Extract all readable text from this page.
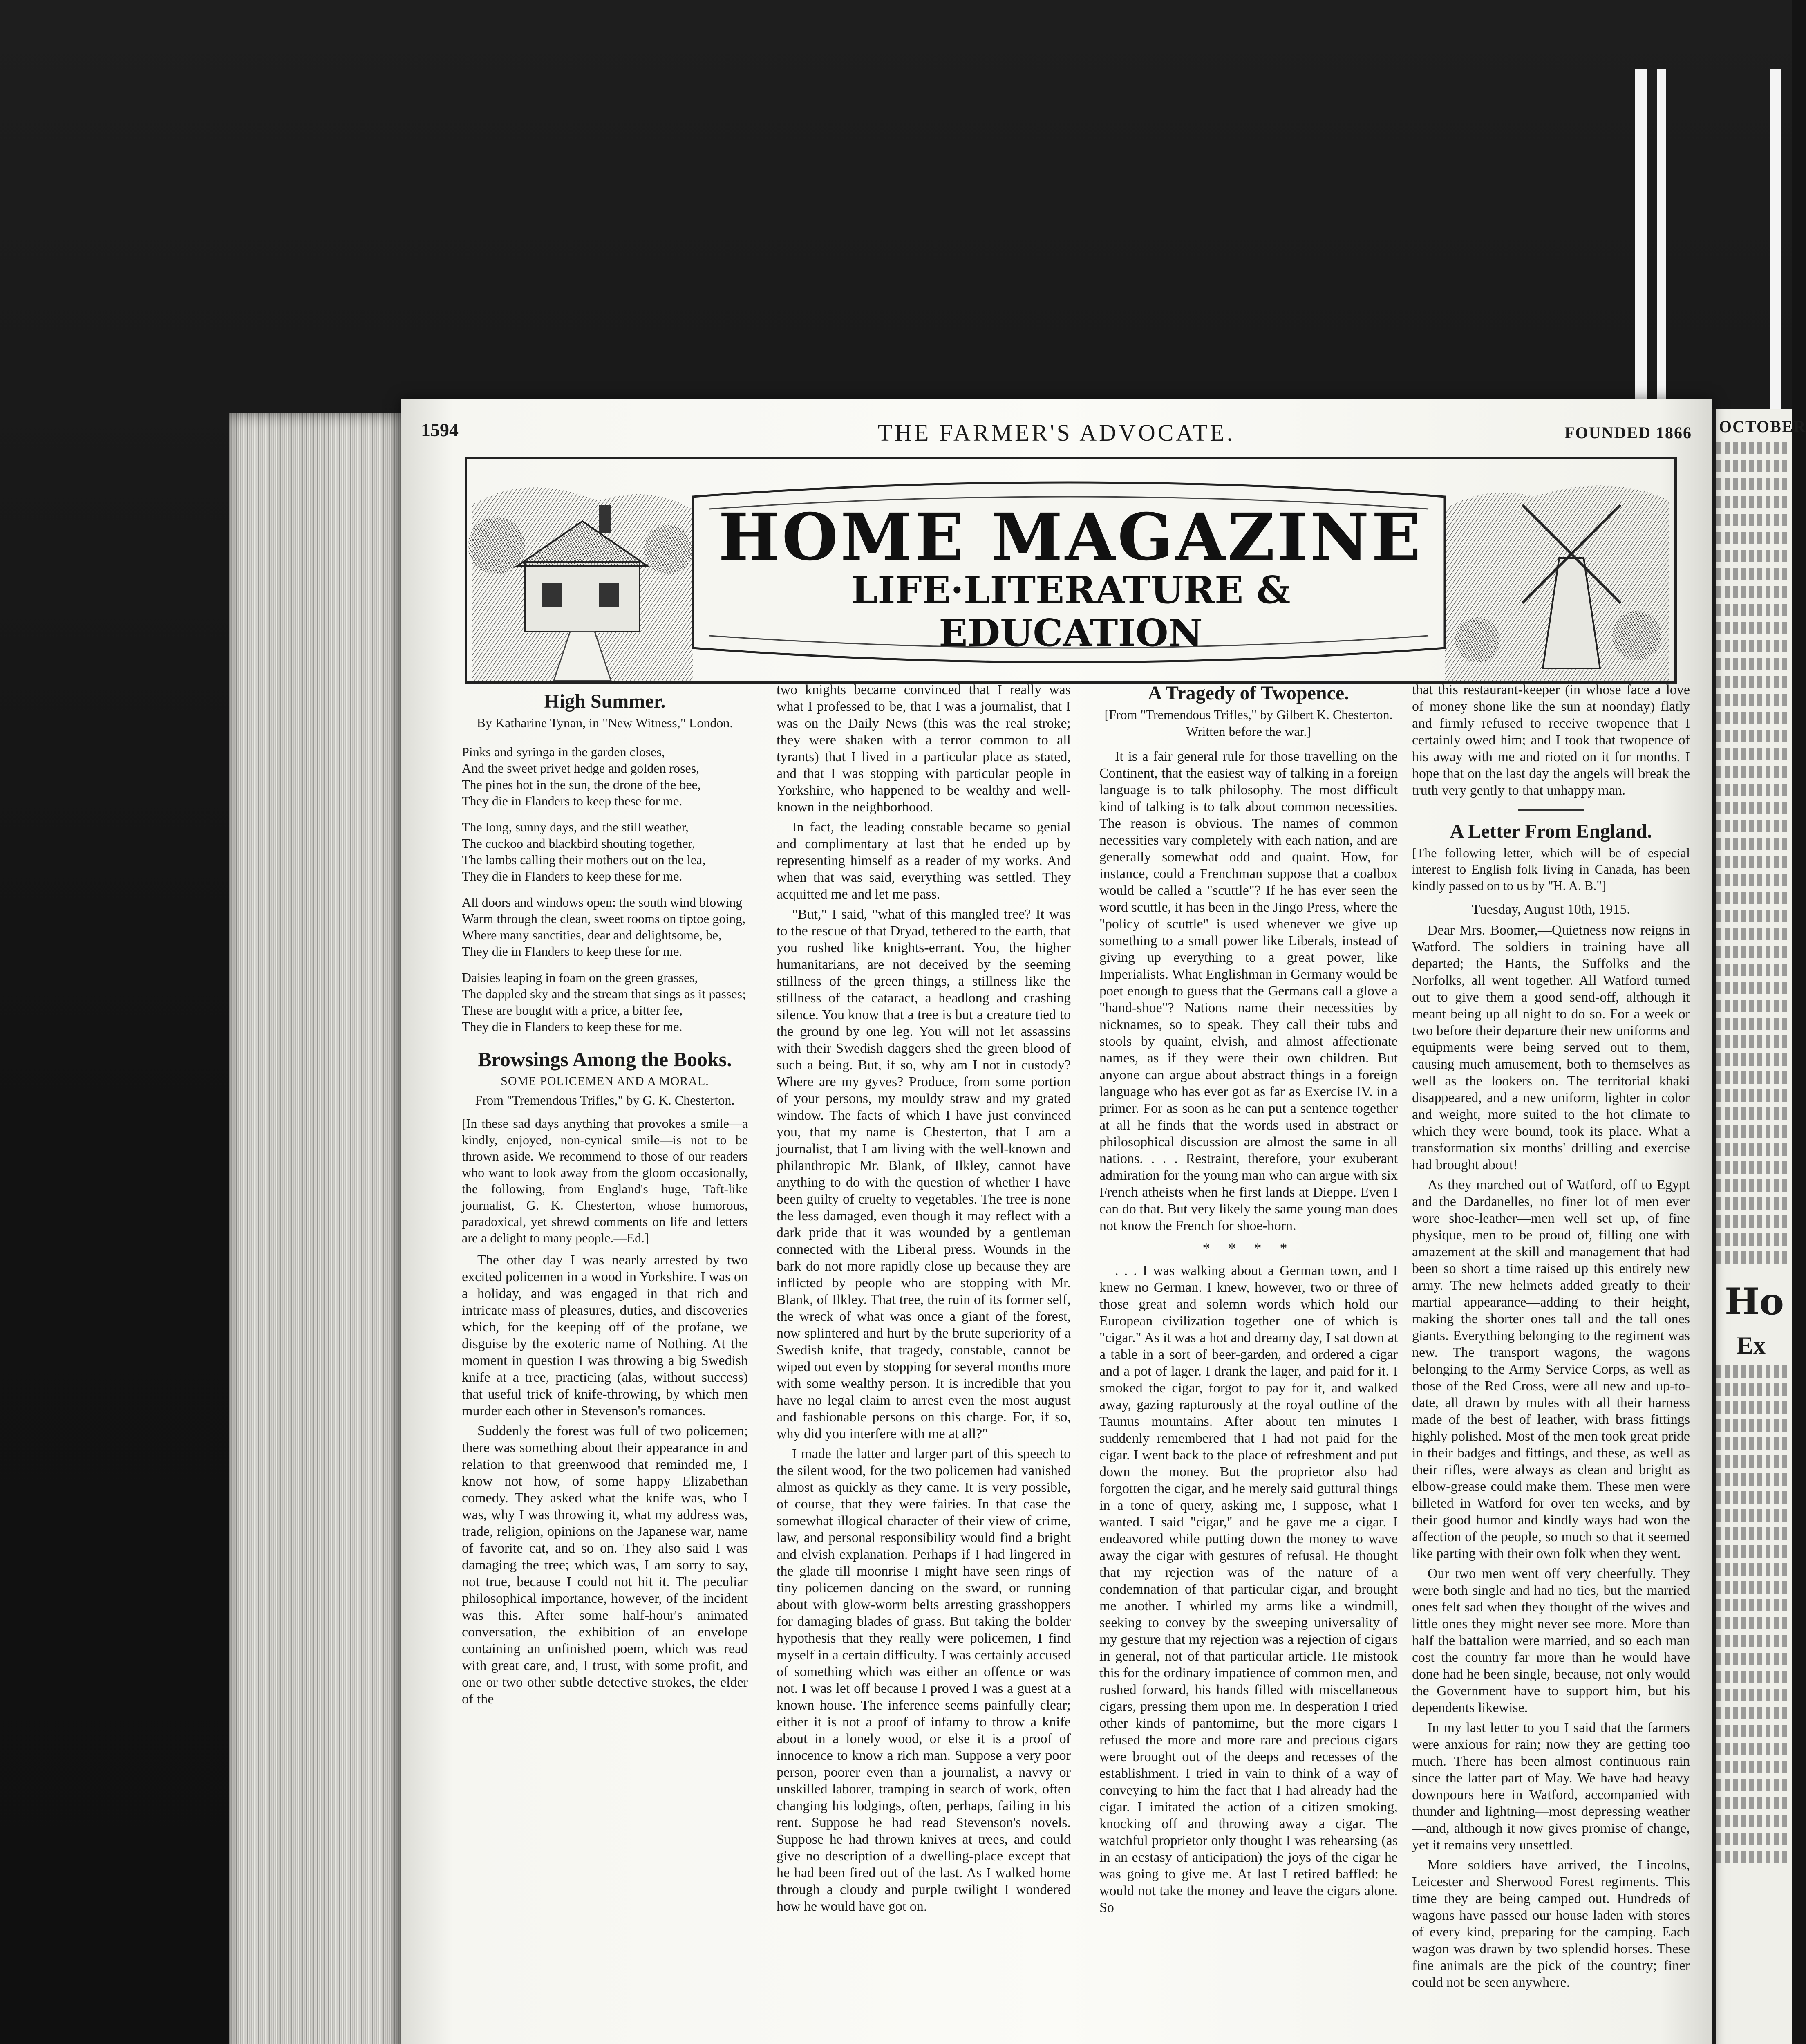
OCTOBER
Ho
Ex
1594	THE FARMER'S ADVOCATE.	FOUNDED 1866
HOME MAGAZINE
LIFE·LITERATURE &
EDUCATION
High Summer.
By Katharine Tynan, in "New Witness," London.
Pinks and syringa in the garden closes,
And the sweet privet hedge and golden roses,
The pines hot in the sun, the drone of the bee,
They die in Flanders to keep these for me.
The long, sunny days, and the still weather,
The cuckoo and blackbird shouting together,
The lambs calling their mothers out on the lea,
They die in Flanders to keep these for me.
All doors and windows open: the south wind blowing
Warm through the clean, sweet rooms on tiptoe going,
Where many sanctities, dear and delightsome, be,
They die in Flanders to keep these for me.
Daisies leaping in foam on the green grasses,
The dappled sky and the stream that sings as it passes;
These are bought with a price, a bitter fee,
They die in Flanders to keep these for me.
Browsings Among the Books.
SOME POLICEMEN AND A MORAL.
From "Tremendous Trifles," by G. K. Chesterton.

[In these sad days anything that provokes a smile—a kindly, enjoyed, non-cynical smile—is not to be thrown aside. We recommend to those of our readers who want to look away from the gloom occasionally, the following, from England's huge, Taft-like journalist, G. K. Chesterton, whose humorous, paradoxical, yet shrewd comments on life and letters are a delight to many people.—Ed.]

The other day I was nearly arrested by two excited policemen in a wood in Yorkshire. I was on a holiday, and was engaged in that rich and intricate mass of pleasures, duties, and discoveries which, for the keeping off of the profane, we disguise by the exoteric name of Nothing. At the moment in question I was throwing a big Swedish knife at a tree, practicing (alas, without success) that useful trick of knife-throwing, by which men murder each other in Stevenson's romances.

Suddenly the forest was full of two policemen; there was something about their appearance in and relation to that greenwood that reminded me, I know not how, of some happy Elizabethan comedy. They asked what the knife was, who I was, why I was throwing it, what my address was, trade, religion, opinions on the Japanese war, name of favorite cat, and so on. They also said I was damaging the tree; which was, I am sorry to say, not true, because I could not hit it. The peculiar philosophical importance, however, of the incident was this. After some half-hour's animated conversation, the exhibition of an envelope containing an unfinished poem, which was read with great care, and, I trust, with some profit, and one or two other subtle detective strokes, the elder of the

two knights became convinced that I really was what I professed to be, that I was a journalist, that I was on the Daily News (this was the real stroke; they were shaken with a terror common to all tyrants) that I lived in a particular place as stated, and that I was stopping with particular people in Yorkshire, who happened to be wealthy and well-known in the neighborhood.

In fact, the leading constable became so genial and complimentary at last that he ended up by representing himself as a reader of my works. And when that was said, everything was settled. They acquitted me and let me pass.

"But," I said, "what of this mangled tree? It was to the rescue of that Dryad, tethered to the earth, that you rushed like knights-errant. You, the higher humanitarians, are not deceived by the seeming stillness of the green things, a stillness like the stillness of the cataract, a headlong and crashing silence. You know that a tree is but a creature tied to the ground by one leg. You will not let assassins with their Swedish daggers shed the green blood of such a being. But, if so, why am I not in custody? Where are my gyves? Produce, from some portion of your persons, my mouldy straw and my grated window. The facts of which I have just convinced you, that my name is Chesterton, that I am a journalist, that I am living with the well-known and philanthropic Mr. Blank, of Ilkley, cannot have anything to do with the question of whether I have been guilty of cruelty to vegetables. The tree is none the less damaged, even though it may reflect with a dark pride that it was wounded by a gentleman connected with the Liberal press. Wounds in the bark do not more rapidly close up because they are inflicted by people who are stopping with Mr. Blank, of Ilkley. That tree, the ruin of its former self, the wreck of what was once a giant of the forest, now splintered and hurt by the brute superiority of a Swedish knife, that tragedy, constable, cannot be wiped out even by stopping for several months more with some wealthy person. It is incredible that you have no legal claim to arrest even the most august and fashionable persons on this charge. For, if so, why did you interfere with me at all?"

I made the latter and larger part of this speech to the silent wood, for the two policemen had vanished almost as quickly as they came. It is very possible, of course, that they were fairies. In that case the somewhat illogical character of their view of crime, law, and personal responsibility would find a bright and elvish explanation. Perhaps if I had lingered in the glade till moonrise I might have seen rings of tiny policemen dancing on the sward, or running about with glow-worm belts arresting grasshoppers for damaging blades of grass. But taking the bolder hypothesis that they really were policemen, I find myself in a certain difficulty. I was certainly accused of something which was either an offence or was not. I was let off because I proved I was a guest at a known house. The inference seems painfully clear; either it is not a proof of infamy to throw a knife about in a lonely wood, or else it is a proof of innocence to know a rich man. Suppose a very poor person, poorer even than a journalist, a navvy or unskilled laborer, tramping in search of work, often changing his lodgings, often, perhaps, failing in his rent. Suppose he had read Stevenson's novels. Suppose he had thrown knives at trees, and could give no description of a dwelling-place except that he had been fired out of the last. As I walked home through a cloudy and purple twilight I wondered how he would have got on.

A Tragedy of Twopence.
[From "Tremendous Trifles," by Gilbert K. Chesterton. Written before the war.]

It is a fair general rule for those travelling on the Continent, that the easiest way of talking in a foreign language is to talk philosophy. The most difficult kind of talking is to talk about common necessities. The reason is obvious. The names of common necessities vary completely with each nation, and are generally somewhat odd and quaint. How, for instance, could a Frenchman suppose that a coalbox would be called a "scuttle"? If he has ever seen the word scuttle, it has been in the Jingo Press, where the "policy of scuttle" is used whenever we give up something to a small power like Liberals, instead of giving up everything to a great power, like Imperialists. What Englishman in Germany would be poet enough to guess that the Germans call a glove a "hand-shoe"? Nations name their necessities by nicknames, so to speak. They call their tubs and stools by quaint, elvish, and almost affectionate names, as if they were their own children. But anyone can argue about abstract things in a foreign language who has ever got as far as Exercise IV. in a primer. For as soon as he can put a sentence together at all he finds that the words used in abstract or philosophical discussion are almost the same in all nations. . . . Restraint, therefore, your exuberant admiration for the young man who can argue with six French atheists when he first lands at Dieppe. Even I can do that. But very likely the same young man does not know the French for shoe-horn.

* * * *

. . . I was walking about a German town, and I knew no German. I knew, however, two or three of those great and solemn words which hold our European civilization together—one of which is "cigar." As it was a hot and dreamy day, I sat down at a table in a sort of beer-garden, and ordered a cigar and a pot of lager. I drank the lager, and paid for it. I smoked the cigar, forgot to pay for it, and walked away, gazing rapturously at the royal outline of the Taunus mountains. After about ten minutes I suddenly remembered that I had not paid for the cigar. I went back to the place of refreshment and put down the money. But the proprietor also had forgotten the cigar, and he merely said guttural things in a tone of query, asking me, I suppose, what I wanted. I said "cigar," and he gave me a cigar. I endeavored while putting down the money to wave away the cigar with gestures of refusal. He thought that my rejection was of the nature of a condemnation of that particular cigar, and brought me another. I whirled my arms like a windmill, seeking to convey by the sweeping universality of my gesture that my rejection was a rejection of cigars in general, not of that particular article. He mistook this for the ordinary impatience of common men, and rushed forward, his hands filled with miscellaneous cigars, pressing them upon me. In desperation I tried other kinds of pantomime, but the more cigars I refused the more and more rare and precious cigars were brought out of the deeps and recesses of the establishment. I tried in vain to think of a way of conveying to him the fact that I had already had the cigar. I imitated the action of a citizen smoking, knocking off and throwing away a cigar. The watchful proprietor only thought I was rehearsing (as in an ecstasy of anticipation) the joys of the cigar he was going to give me. At last I retired baffled: he would not take the money and leave the cigars alone. So

that this restaurant-keeper (in whose face a love of money shone like the sun at noonday) flatly and firmly refused to receive twopence that I certainly owed him; and I took that twopence of his away with me and rioted on it for months. I hope that on the last day the angels will break the truth very gently to that unhappy man.

A Letter From England.

[The following letter, which will be of especial interest to English folk living in Canada, has been kindly passed on to us by "H. A. B."]

Tuesday, August 10th, 1915.

Dear Mrs. Boomer,—Quietness now reigns in Watford. The soldiers in training have all departed; the Hants, the Suffolks and the Norfolks, all went together. All Watford turned out to give them a good send-off, although it meant being up all night to do so. For a week or two before their departure their new uniforms and equipments were being served out to them, causing much amusement, both to themselves as well as the lookers on. The territorial khaki disappeared, and a new uniform, lighter in color and weight, more suited to the hot climate to which they were bound, took its place. What a transformation six months' drilling and exercise had brought about!

As they marched out of Watford, off to Egypt and the Dardanelles, no finer lot of men ever wore shoe-leather—men well set up, of fine physique, men to be proud of, filling one with amazement at the skill and management that had been so short a time raised up this entirely new army. The new helmets added greatly to their martial appearance—adding to their height, making the shorter ones tall and the tall ones giants. Everything belonging to the regiment was new. The transport wagons, the wagons belonging to the Army Service Corps, as well as those of the Red Cross, were all new and up-to-date, all drawn by mules with all their harness made of the best of leather, with brass fittings highly polished. Most of the men took great pride in their badges and fittings, and these, as well as their rifles, were always as clean and bright as elbow-grease could make them. These men were billeted in Watford for over ten weeks, and by their good humor and kindly ways had won the affection of the people, so much so that it seemed like parting with their own folk when they went.

Our two men went off very cheerfully. They were both single and had no ties, but the married ones felt sad when they thought of the wives and little ones they might never see more. More than half the battalion were married, and so each man cost the country far more than he would have done had he been single, because, not only would the Government have to support him, but his dependents likewise.

In my last letter to you I said that the farmers were anxious for rain; now they are getting too much. There has been almost continuous rain since the latter part of May. We have had heavy downpours here in Watford, accompanied with thunder and lightning—most depressing weather—and, although it now gives promise of change, yet it remains very unsettled.

More soldiers have arrived, the Lincolns, Leicester and Sherwood Forest regiments. This time they are being camped out. Hundreds of wagons have passed our house laden with stores of every kind, preparing for the camping. Each wagon was drawn by two splendid horses. These fine animals are the pick of the country; finer could not be seen anywhere.
